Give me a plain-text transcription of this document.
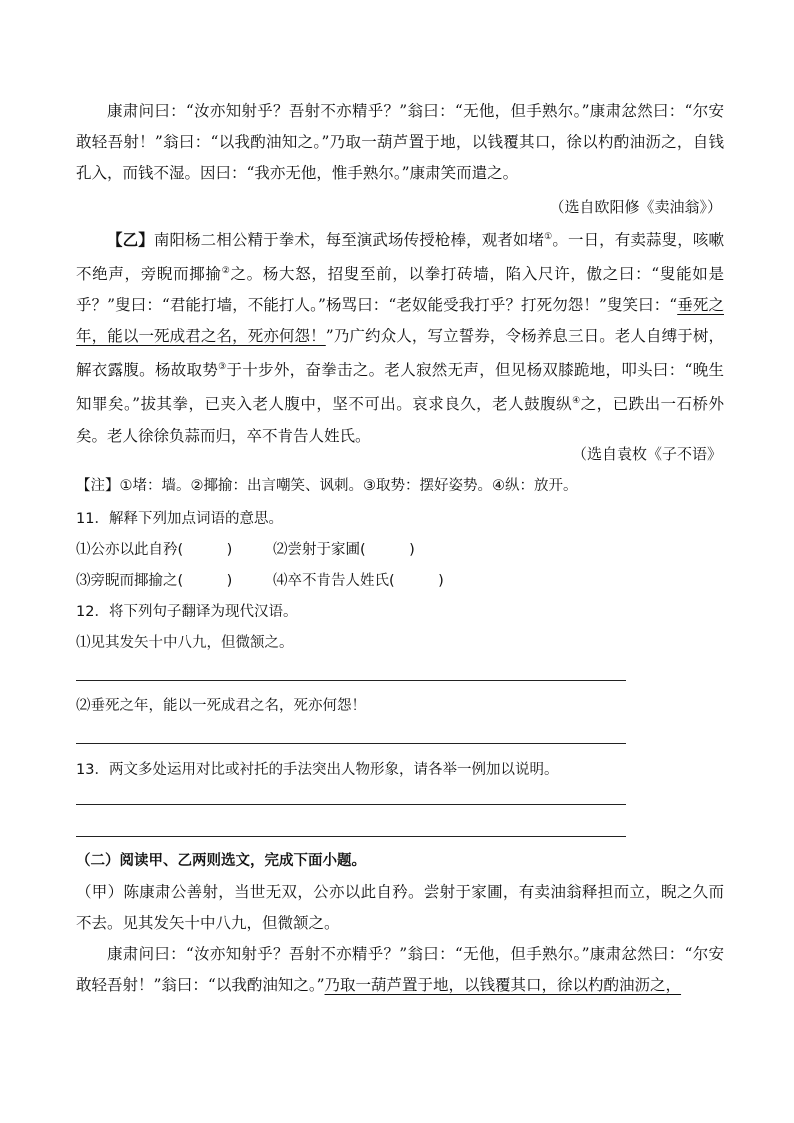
康肃问曰：“汝亦知射乎？吾射不亦精乎？”翁曰：“无他，但手熟尔。”康肃忿然曰：“尔安敢轻吾射！”翁曰：“以我酌油知之。”乃取一葫芦置于地，以钱覆其口，徐以杓酌油沥之，自钱孔入，而钱不湿。因曰：“我亦无他，惟手熟尔。”康肃笑而遣之。

（选自欧阳修《卖油翁》）

【乙】南阳杨二相公精于拳术，每至演武场传授枪棒，观者如堵①。一日，有卖蒜叟，咳嗽不绝声，旁睨而揶揄②之。杨大怒，招叟至前，以拳打砖墙，陷入尺许，傲之曰：“叟能如是乎？”叟曰：“君能打墙，不能打人。”杨骂曰：“老奴能受我打乎？打死勿怨！”叟笑曰：“垂死之年，能以一死成君之名，死亦何怨！”乃广约众人，写立誓券，令杨养息三日。老人自缚于树，解衣露腹。杨故取势③于十步外，奋拳击之。老人寂然无声，但见杨双膝跪地，叩头曰：“晚生知罪矣。”拔其拳，已夹入老人腹中，坚不可出。哀求良久，老人鼓腹纵④之，已跌出一石桥外矣。老人徐徐负蒜而归，卒不肯告人姓氏。

（选自袁枚《子不语》
【注】①堵：墙。②揶揄：出言嘲笑、讽刺。③取势：摆好姿势。④纵：放开。
11．解释下列加点词语的意思。
⑴公亦以此自矜(　　　)	⑵尝射于家圃(　　　)
⑶旁睨而揶揄之(　　　)	⑷卒不肯告人姓氏(　　　)
12．将下列句子翻译为现代汉语。
⑴见其发矢十中八九，但微颔之。
⑵垂死之年，能以一死成君之名，死亦何怨！
13．两文多处运用对比或衬托的手法突出人物形象，请各举一例加以说明。
（二）阅读甲、乙两则选文，完成下面小题。

（甲）陈康肃公善射，当世无双，公亦以此自矜。尝射于家圃，有卖油翁释担而立，睨之久而不去。见其发矢十中八九，但微颔之。

康肃问曰：“汝亦知射乎？吾射不亦精乎？”翁曰：“无他，但手熟尔。”康肃忿然曰：“尔安敢轻吾射！”翁曰：“以我酌油知之。”乃取一葫芦置于地，以钱覆其口，徐以杓酌油沥之，
